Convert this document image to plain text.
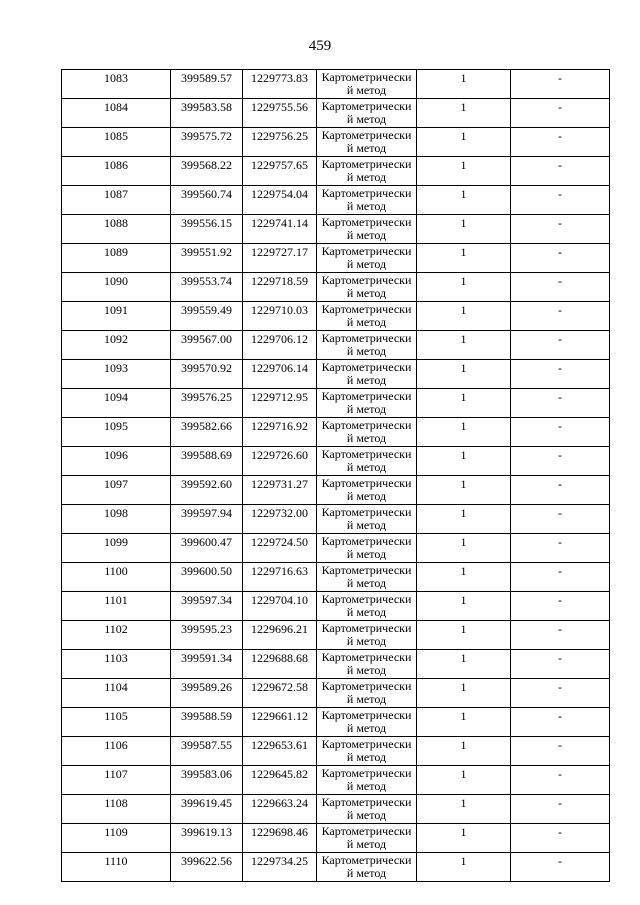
459
1083	399589.57	1229773.83	Картометрически й метод	1	-
1084	399583.58	1229755.56	Картометрически й метод	1	-
1085	399575.72	1229756.25	Картометрически й метод	1	-
1086	399568.22	1229757.65	Картометрически й метод	1	-
1087	399560.74	1229754.04	Картометрически й метод	1	-
1088	399556.15	1229741.14	Картометрически й метод	1	-
1089	399551.92	1229727.17	Картометрически й метод	1	-
1090	399553.74	1229718.59	Картометрически й метод	1	-
1091	399559.49	1229710.03	Картометрически й метод	1	-
1092	399567.00	1229706.12	Картометрически й метод	1	-
1093	399570.92	1229706.14	Картометрически й метод	1	-
1094	399576.25	1229712.95	Картометрически й метод	1	-
1095	399582.66	1229716.92	Картометрически й метод	1	-
1096	399588.69	1229726.60	Картометрически й метод	1	-
1097	399592.60	1229731.27	Картометрически й метод	1	-
1098	399597.94	1229732.00	Картометрически й метод	1	-
1099	399600.47	1229724.50	Картометрически й метод	1	-
1100	399600.50	1229716.63	Картометрически й метод	1	-
1101	399597.34	1229704.10	Картометрически й метод	1	-
1102	399595.23	1229696.21	Картометрически й метод	1	-
1103	399591.34	1229688.68	Картометрически й метод	1	-
1104	399589.26	1229672.58	Картометрически й метод	1	-
1105	399588.59	1229661.12	Картометрически й метод	1	-
1106	399587.55	1229653.61	Картометрически й метод	1	-
1107	399583.06	1229645.82	Картометрически й метод	1	-
1108	399619.45	1229663.24	Картометрически й метод	1	-
1109	399619.13	1229698.46	Картометрически й метод	1	-
1110	399622.56	1229734.25	Картометрически й метод	1	-
